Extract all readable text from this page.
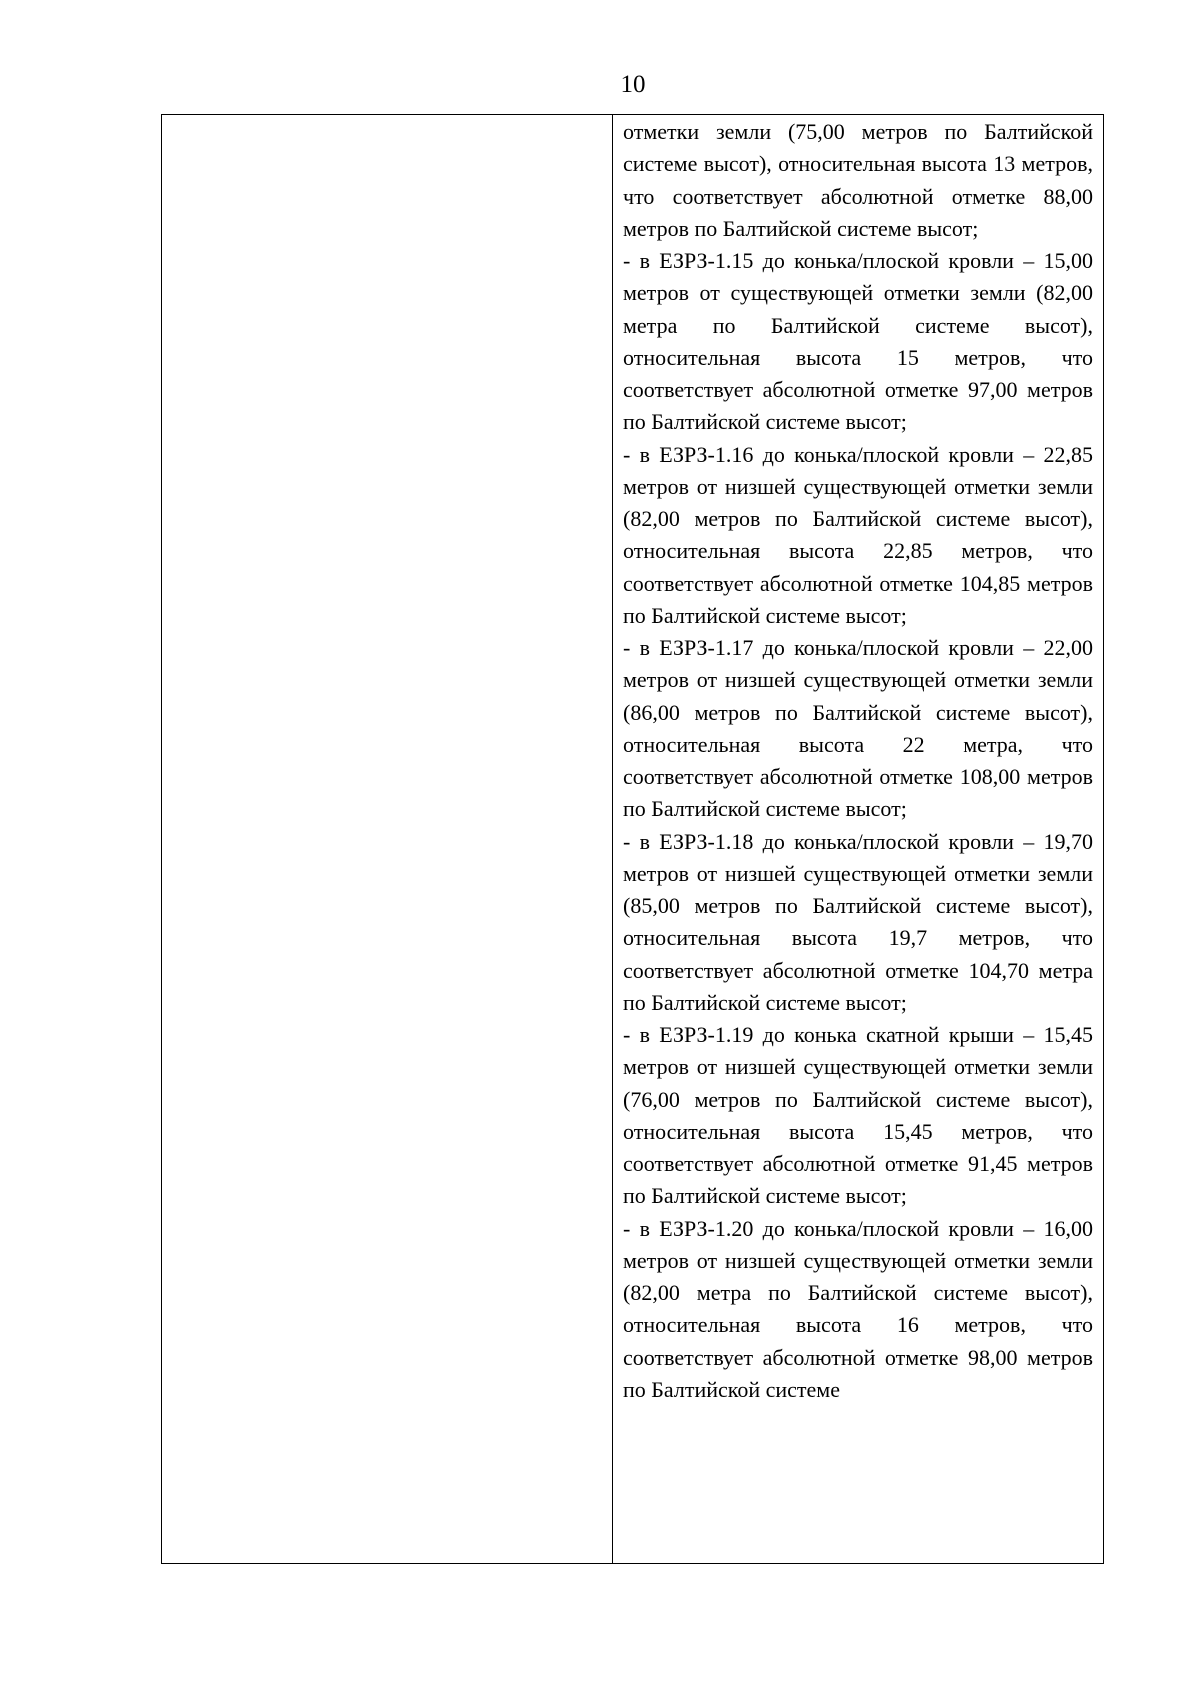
10
отметки земли (75,00 метров по Балтийской системе высот), относительная высота 13 метров, что соответствует абсолютной отметке 88,00 метров по Балтийской системе высот;
- в ЕЗРЗ-1.15 до конька/плоской кровли – 15,00 метров от существующей отметки земли (82,00 метра по Балтийской системе высот), относительная высота 15 метров, что соответствует абсолютной отметке 97,00 метров по Балтийской системе высот;
- в ЕЗРЗ-1.16 до конька/плоской кровли – 22,85 метров от низшей существующей отметки земли (82,00 метров по Балтийской системе высот), относительная высота 22,85 метров, что соответствует абсолютной отметке 104,85 метров по Балтийской системе высот;
- в ЕЗРЗ-1.17 до конька/плоской кровли – 22,00 метров от низшей существующей отметки земли (86,00 метров по Балтийской системе высот), относительная высота 22 метра, что соответствует абсолютной отметке 108,00 метров по Балтийской системе высот;
- в ЕЗРЗ-1.18 до конька/плоской кровли – 19,70 метров от низшей существующей отметки земли (85,00 метров по Балтийской системе высот), относительная высота 19,7 метров, что соответствует абсолютной отметке 104,70 метра по Балтийской системе высот;
- в ЕЗРЗ-1.19 до конька скатной крыши – 15,45 метров от низшей существующей отметки земли (76,00 метров по Балтийской системе высот), относительная высота 15,45 метров, что соответствует абсолютной отметке 91,45 метров по Балтийской системе высот;
- в ЕЗРЗ-1.20 до конька/плоской кровли – 16,00 метров от низшей существующей отметки земли (82,00 метра по Балтийской системе высот), относительная высота 16 метров, что соответствует абсолютной отметке 98,00 метров по Балтийской системе
